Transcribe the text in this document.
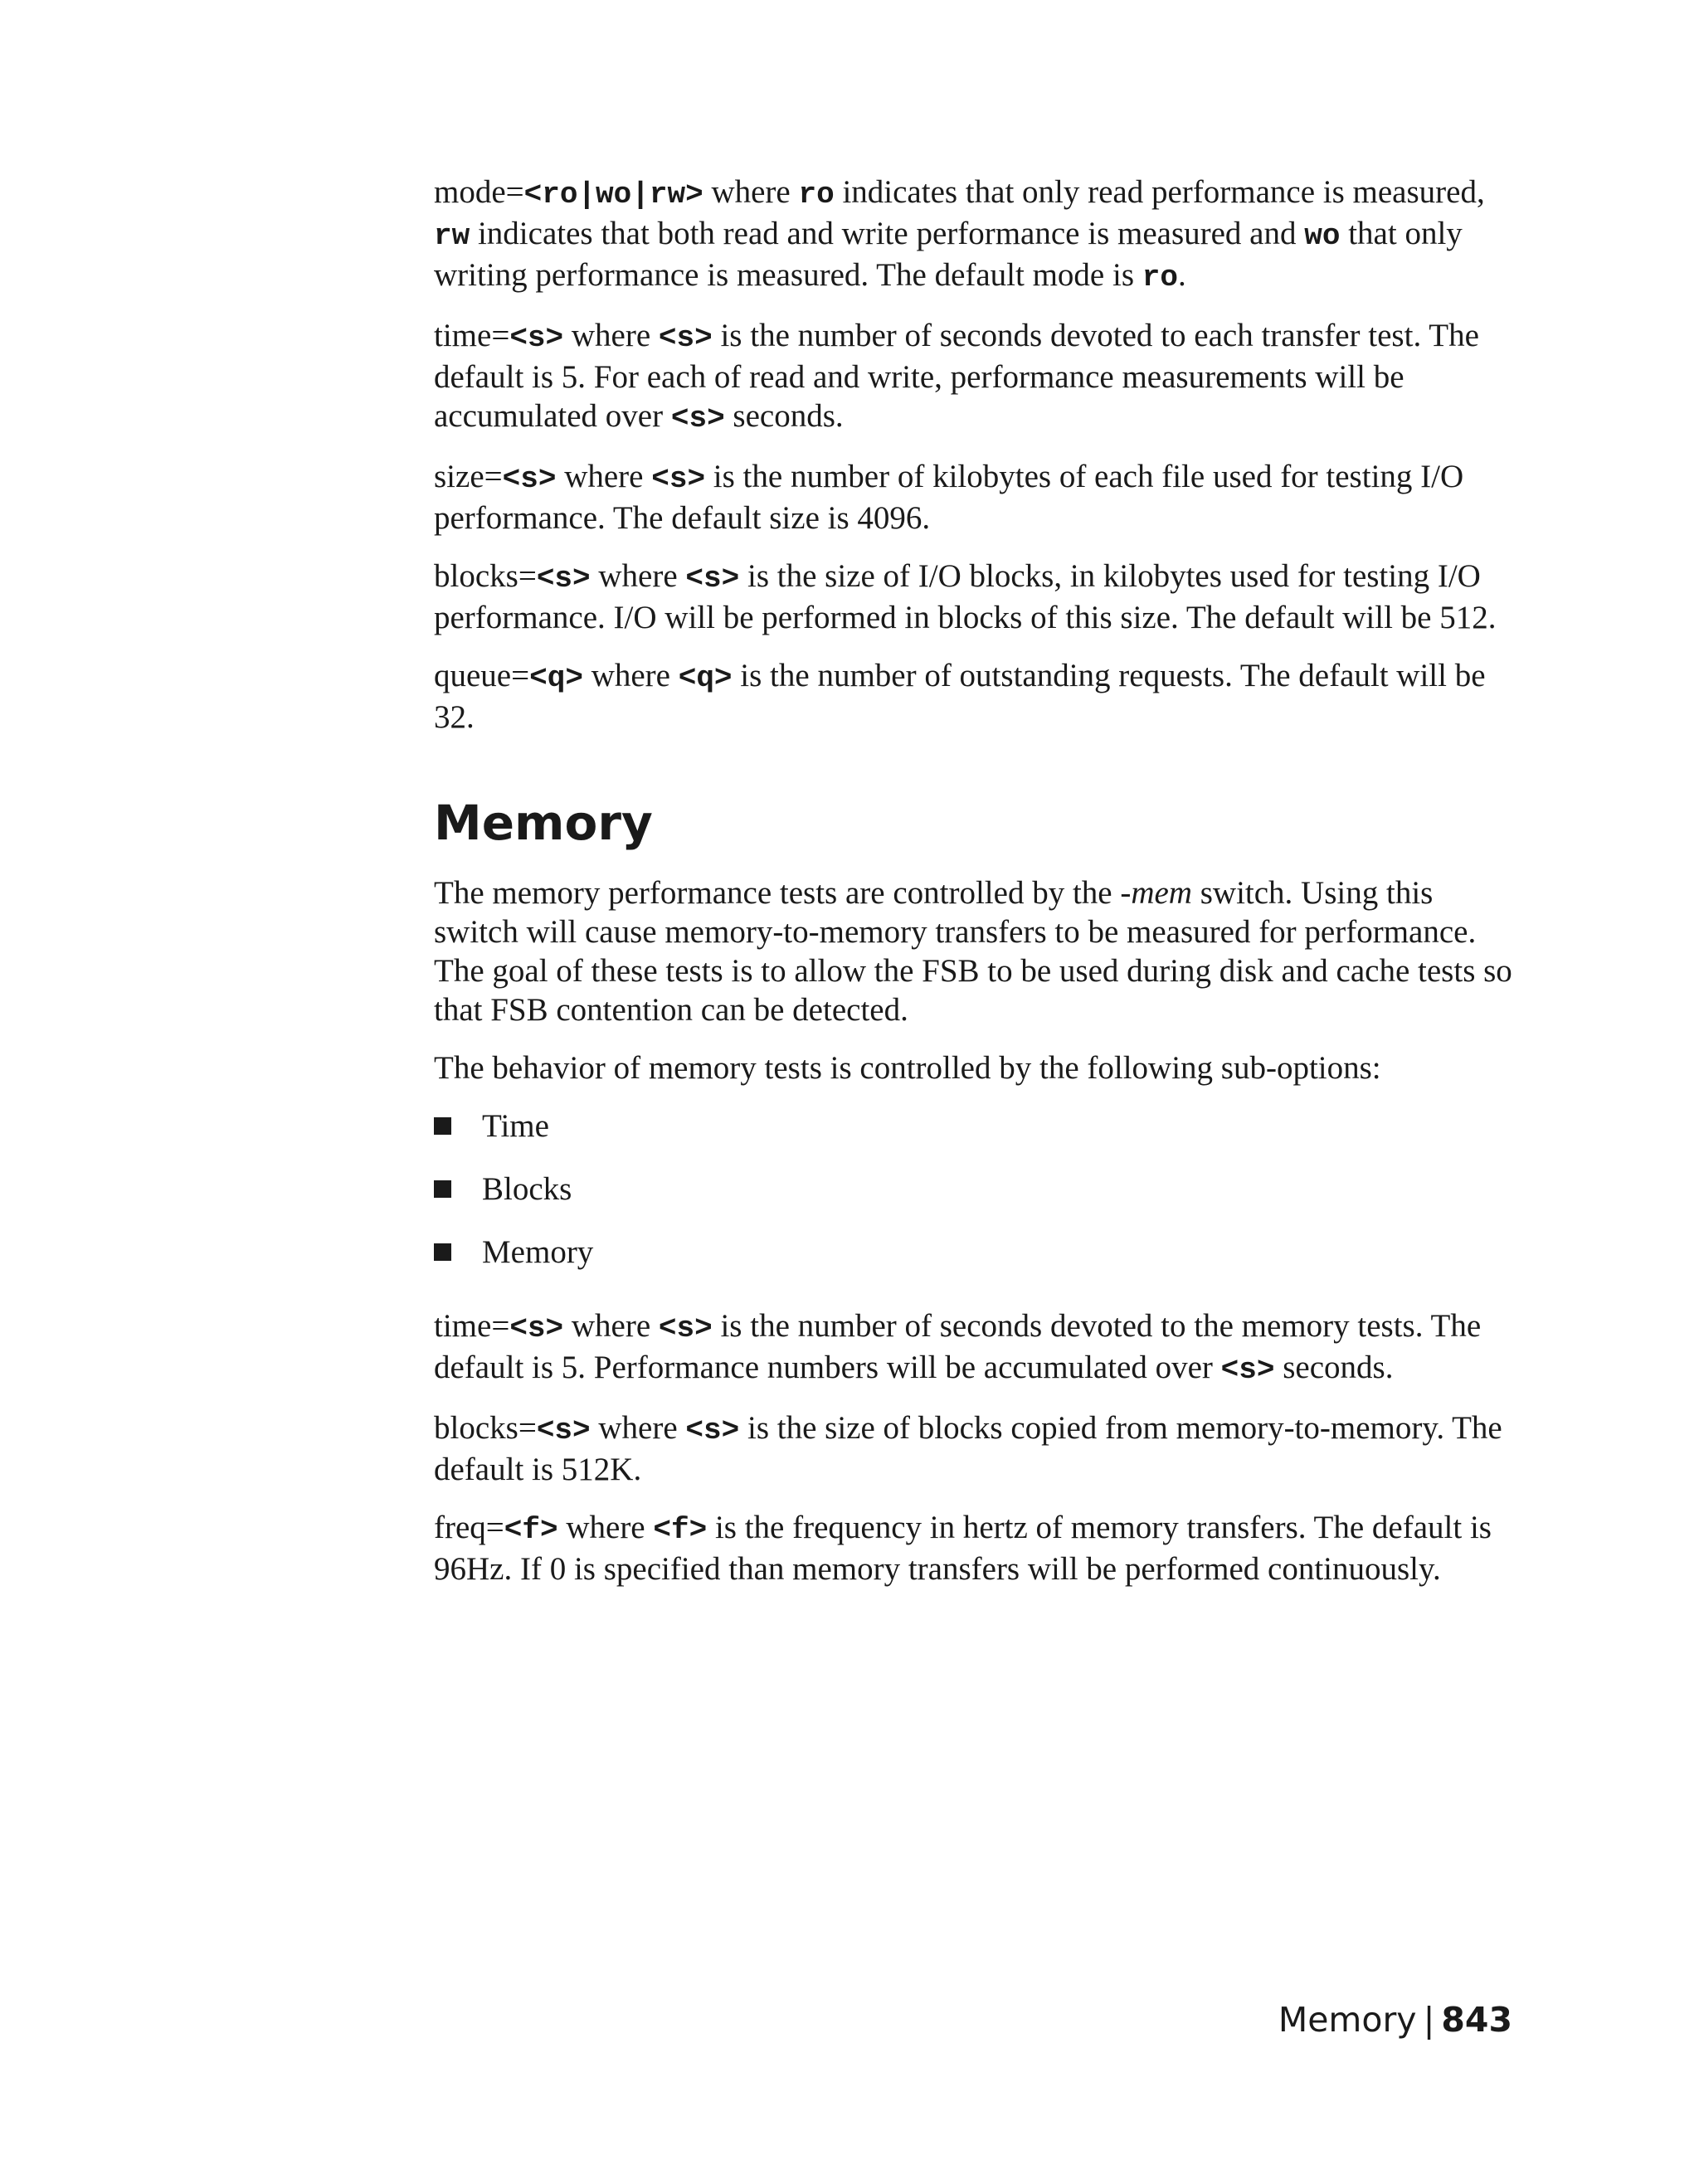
mode=<ro|wo|rw> where ro indicates that only read performance is measured, rw indicates that both read and write performance is measured and wo that only writing performance is measured. The default mode is ro.

time=<s> where <s> is the number of seconds devoted to each transfer test. The default is 5. For each of read and write, performance measurements will be accumulated over <s> seconds.

size=<s> where <s> is the number of kilobytes of each file used for testing I/O performance. The default size is 4096.

blocks=<s> where <s> is the size of I/O blocks, in kilobytes used for testing I/O performance. I/O will be performed in blocks of this size. The default will be 512.

queue=<q> where <q> is the number of outstanding requests. The default will be 32.

Memory

The memory performance tests are controlled by the -mem switch. Using this switch will cause memory-to-memory transfers to be measured for performance. The goal of these tests is to allow the FSB to be used during disk and cache tests so that FSB contention can be detected.

The behavior of memory tests is controlled by the following sub-options:

Time
Blocks
Memory

time=<s> where <s> is the number of seconds devoted to the memory tests. The default is 5. Performance numbers will be accumulated over <s> seconds.

blocks=<s> where <s> is the size of blocks copied from memory-to-memory. The default is 512K.

freq=<f> where <f> is the frequency in hertz of memory transfers. The default is 96Hz. If 0 is specified than memory transfers will be performed continuously.

Memory | 843
